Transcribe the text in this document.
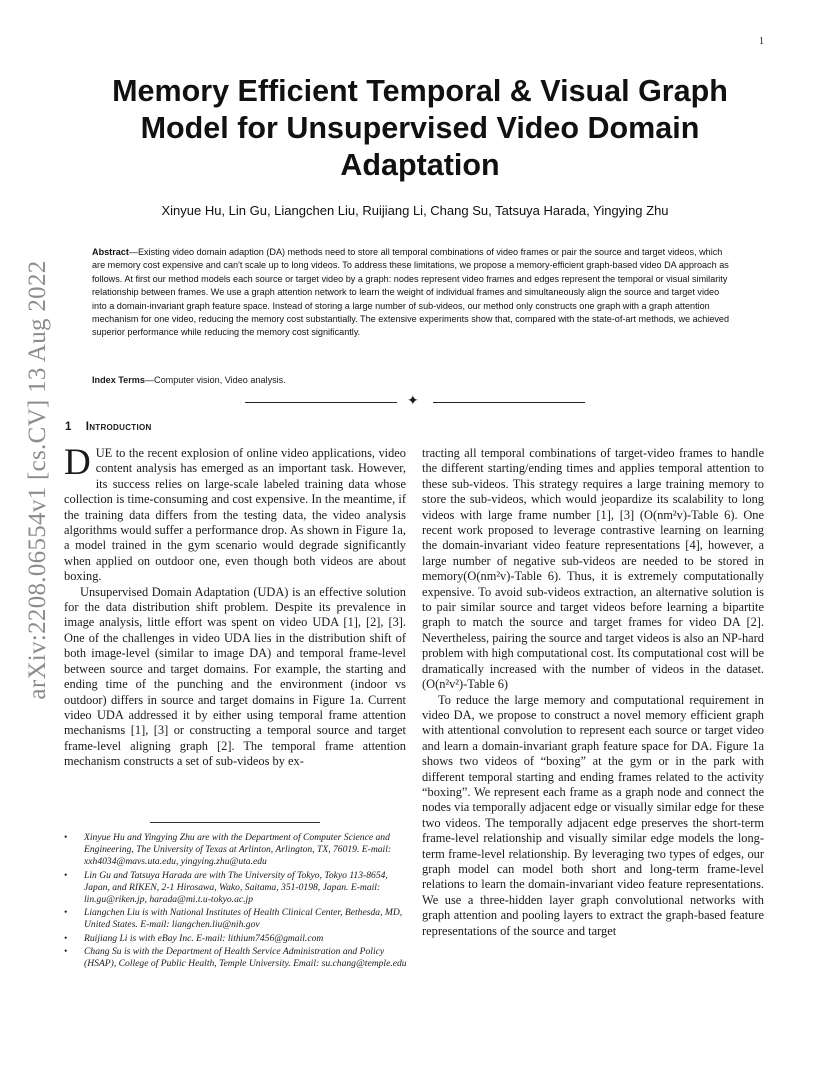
1
arXiv:2208.06554v1 [cs.CV] 13 Aug 2022
Memory Efficient Temporal & Visual Graph Model for Unsupervised Video Domain Adaptation
Xinyue Hu, Lin Gu, Liangchen Liu, Ruijiang Li, Chang Su, Tatsuya Harada, Yingying Zhu
Abstract—Existing video domain adaption (DA) methods need to store all temporal combinations of video frames or pair the source and target videos, which are memory cost expensive and can't scale up to long videos. To address these limitations, we propose a memory-efficient graph-based video DA approach as follows. At first our method models each source or target video by a graph: nodes represent video frames and edges represent the temporal or visual similarity relationship between frames. We use a graph attention network to learn the weight of individual frames and simultaneously align the source and target video into a domain-invariant graph feature space. Instead of storing a large number of sub-videos, our method only constructs one graph with a graph attention mechanism for one video, reducing the memory cost substantially. The extensive experiments show that, compared with the state-of-art methods, we achieved superior performance while reducing the memory cost significantly.
Index Terms—Computer vision, Video analysis.
✦
1 Introduction

DUE to the recent explosion of online video applications, video content analysis has emerged as an important task. However, its success relies on large-scale labeled training data whose collection is time-consuming and cost expensive. In the meantime, if the training data differs from the testing data, the video analysis algorithms would suffer a performance drop. As shown in Figure 1a, a model trained in the gym scenario would degrade significantly when applied on outdoor one, even though both videos are about boxing.

Unsupervised Domain Adaptation (UDA) is an effective solution for the data distribution shift problem. Despite its prevalence in image analysis, little effort was spent on video UDA [1], [2], [3]. One of the challenges in video UDA lies in the distribution shift of both image-level (similar to image DA) and temporal frame-level between source and target domains. For example, the starting and ending time of the punching and the environment (indoor vs outdoor) differs in source and target domains in Figure 1a. Current video UDA addressed it by either using temporal frame attention mechanisms [1], [3] or constructing a temporal source and target frame-level aligning graph [2]. The temporal frame attention mechanism constructs a set of sub-videos by ex-

tracting all temporal combinations of target-video frames to handle the different starting/ending times and applies temporal attention to these sub-videos. This strategy requires a large training memory to store the sub-videos, which would jeopardize its scalability to long videos with large frame number [1], [3] (O(nm²v)-Table 6). One recent work proposed to leverage contrastive learning on learning the domain-invariant video feature representations [4], however, a large number of negative sub-videos are needed to be stored in memory(O(nm²v)-Table 6). Thus, it is extremely computationally expensive. To avoid sub-videos extraction, an alternative solution is to pair similar source and target videos before learning a bipartite graph to match the source and target frames for video DA [2]. Nevertheless, pairing the source and target videos is also an NP-hard problem with high computational cost. Its computational cost will be dramatically increased with the number of videos in the dataset.(O(n²v²)-Table 6)

To reduce the large memory and computational requirement in video DA, we propose to construct a novel memory efficient graph with attentional convolution to represent each source or target video and learn a domain-invariant graph feature space for DA. Figure 1a shows two videos of “boxing” at the gym or in the park with different temporal starting and ending frames related to the activity “boxing”. We represent each frame as a graph node and connect the nodes via temporally adjacent edge or visually similar edge for these two videos. The temporally adjacent edge preserves the short-term frame-level relationship and visually similar edge models the long-term frame-level relationship. By leveraging two types of edges, our graph model can model both short and long-term frame-level relations to learn the domain-invariant video feature representations. We use a three-hidden layer graph convolutional networks with graph attention and pooling layers to extract the graph-based feature representations of the source and target

• Xinyue Hu and Yingying Zhu are with the Department of Computer Science and Engineering, The University of Texas at Arlinton, Arlington, TX, 76019. E-mail: xxh4034@mavs.uta.edu, yingying.zhu@uta.edu
• Lin Gu and Tatsuya Harada are with The University of Tokyo, Tokyo 113-8654, Japan, and RIKEN, 2-1 Hirosawa, Wako, Saitama, 351-0198, Japan. E-mail: lin.gu@riken.jp, harada@mi.t.u-tokyo.ac.jp
• Liangchen Liu is with National Institutes of Health Clinical Center, Bethesda, MD, United States. E-mail: liangchen.liu@nih.gov
• Ruijiang Li is with eBay Inc. E-mail: lithium7456@gmail.com
• Chang Su is with the Department of Health Service Administration and Policy (HSAP), College of Public Health, Temple University. Email: su.chang@temple.edu
